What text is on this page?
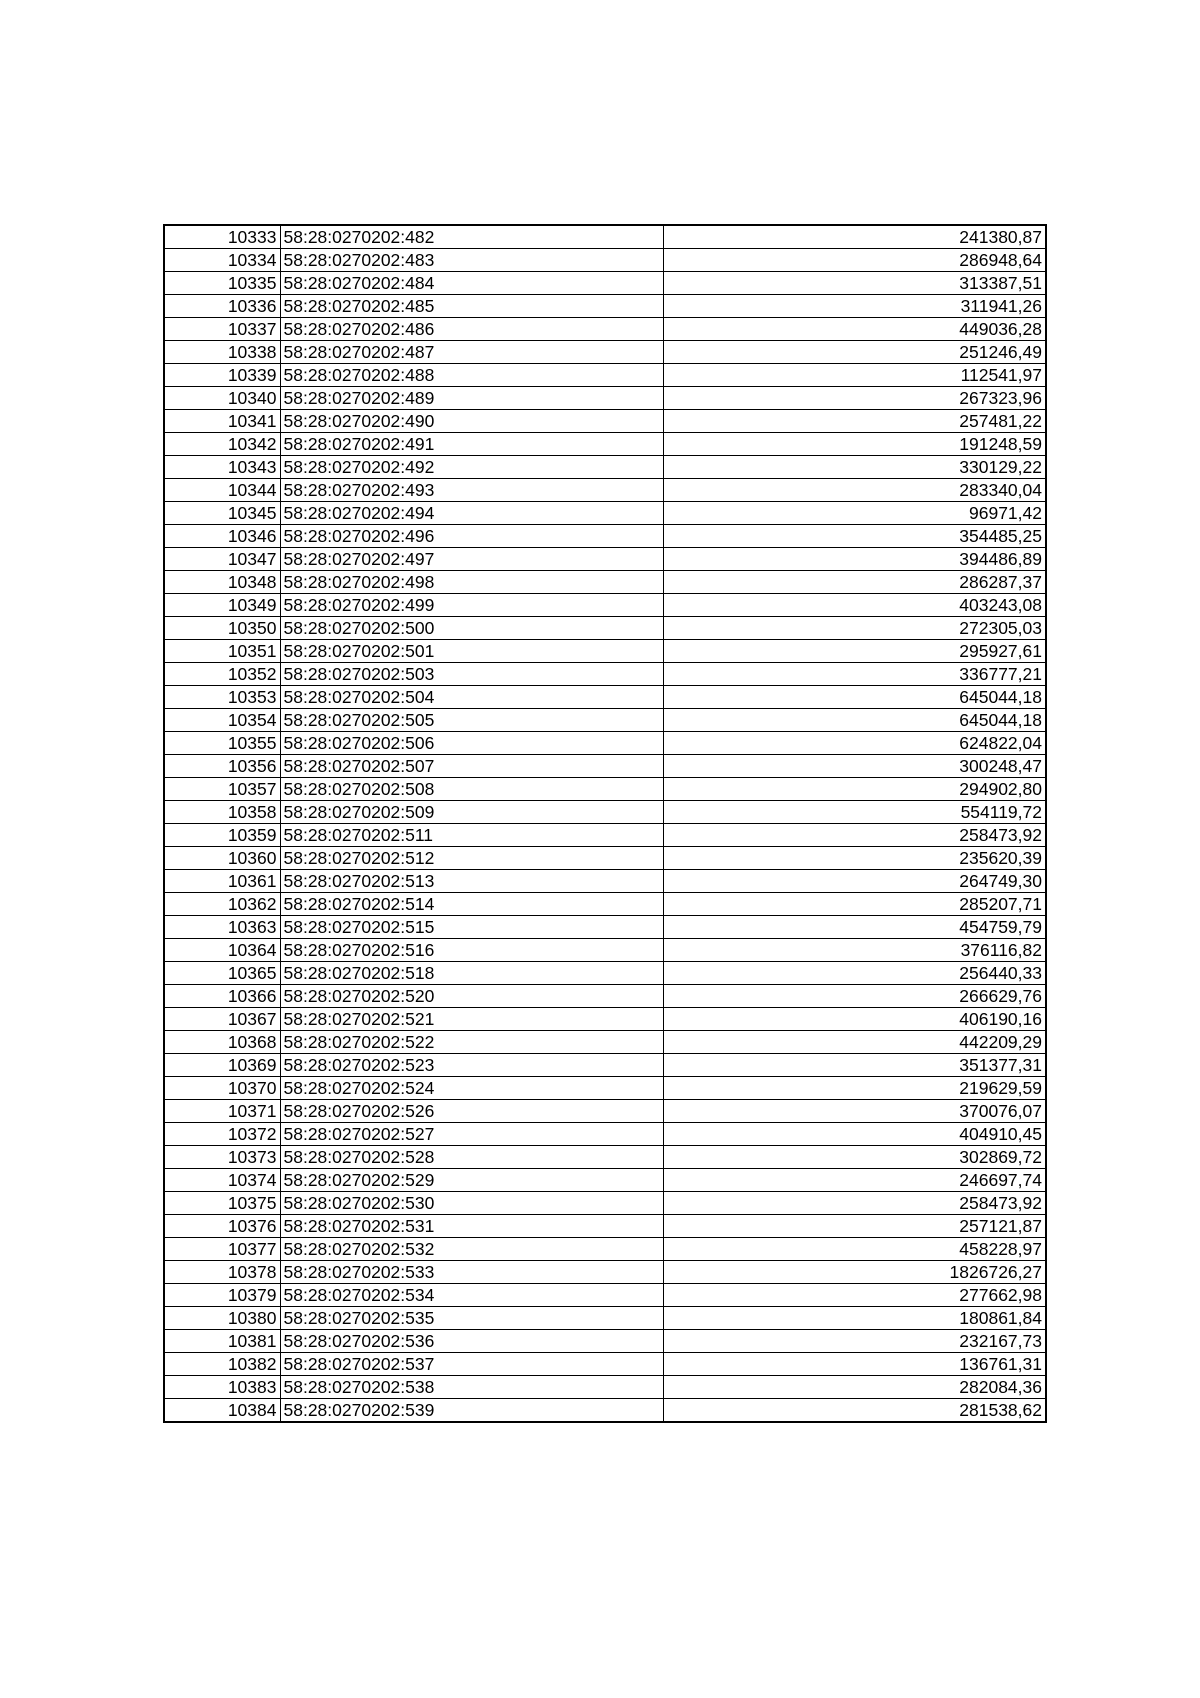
10333	58:28:0270202:482	241380,87
10334	58:28:0270202:483	286948,64
10335	58:28:0270202:484	313387,51
10336	58:28:0270202:485	311941,26
10337	58:28:0270202:486	449036,28
10338	58:28:0270202:487	251246,49
10339	58:28:0270202:488	112541,97
10340	58:28:0270202:489	267323,96
10341	58:28:0270202:490	257481,22
10342	58:28:0270202:491	191248,59
10343	58:28:0270202:492	330129,22
10344	58:28:0270202:493	283340,04
10345	58:28:0270202:494	96971,42
10346	58:28:0270202:496	354485,25
10347	58:28:0270202:497	394486,89
10348	58:28:0270202:498	286287,37
10349	58:28:0270202:499	403243,08
10350	58:28:0270202:500	272305,03
10351	58:28:0270202:501	295927,61
10352	58:28:0270202:503	336777,21
10353	58:28:0270202:504	645044,18
10354	58:28:0270202:505	645044,18
10355	58:28:0270202:506	624822,04
10356	58:28:0270202:507	300248,47
10357	58:28:0270202:508	294902,80
10358	58:28:0270202:509	554119,72
10359	58:28:0270202:511	258473,92
10360	58:28:0270202:512	235620,39
10361	58:28:0270202:513	264749,30
10362	58:28:0270202:514	285207,71
10363	58:28:0270202:515	454759,79
10364	58:28:0270202:516	376116,82
10365	58:28:0270202:518	256440,33
10366	58:28:0270202:520	266629,76
10367	58:28:0270202:521	406190,16
10368	58:28:0270202:522	442209,29
10369	58:28:0270202:523	351377,31
10370	58:28:0270202:524	219629,59
10371	58:28:0270202:526	370076,07
10372	58:28:0270202:527	404910,45
10373	58:28:0270202:528	302869,72
10374	58:28:0270202:529	246697,74
10375	58:28:0270202:530	258473,92
10376	58:28:0270202:531	257121,87
10377	58:28:0270202:532	458228,97
10378	58:28:0270202:533	1826726,27
10379	58:28:0270202:534	277662,98
10380	58:28:0270202:535	180861,84
10381	58:28:0270202:536	232167,73
10382	58:28:0270202:537	136761,31
10383	58:28:0270202:538	282084,36
10384	58:28:0270202:539	281538,62
